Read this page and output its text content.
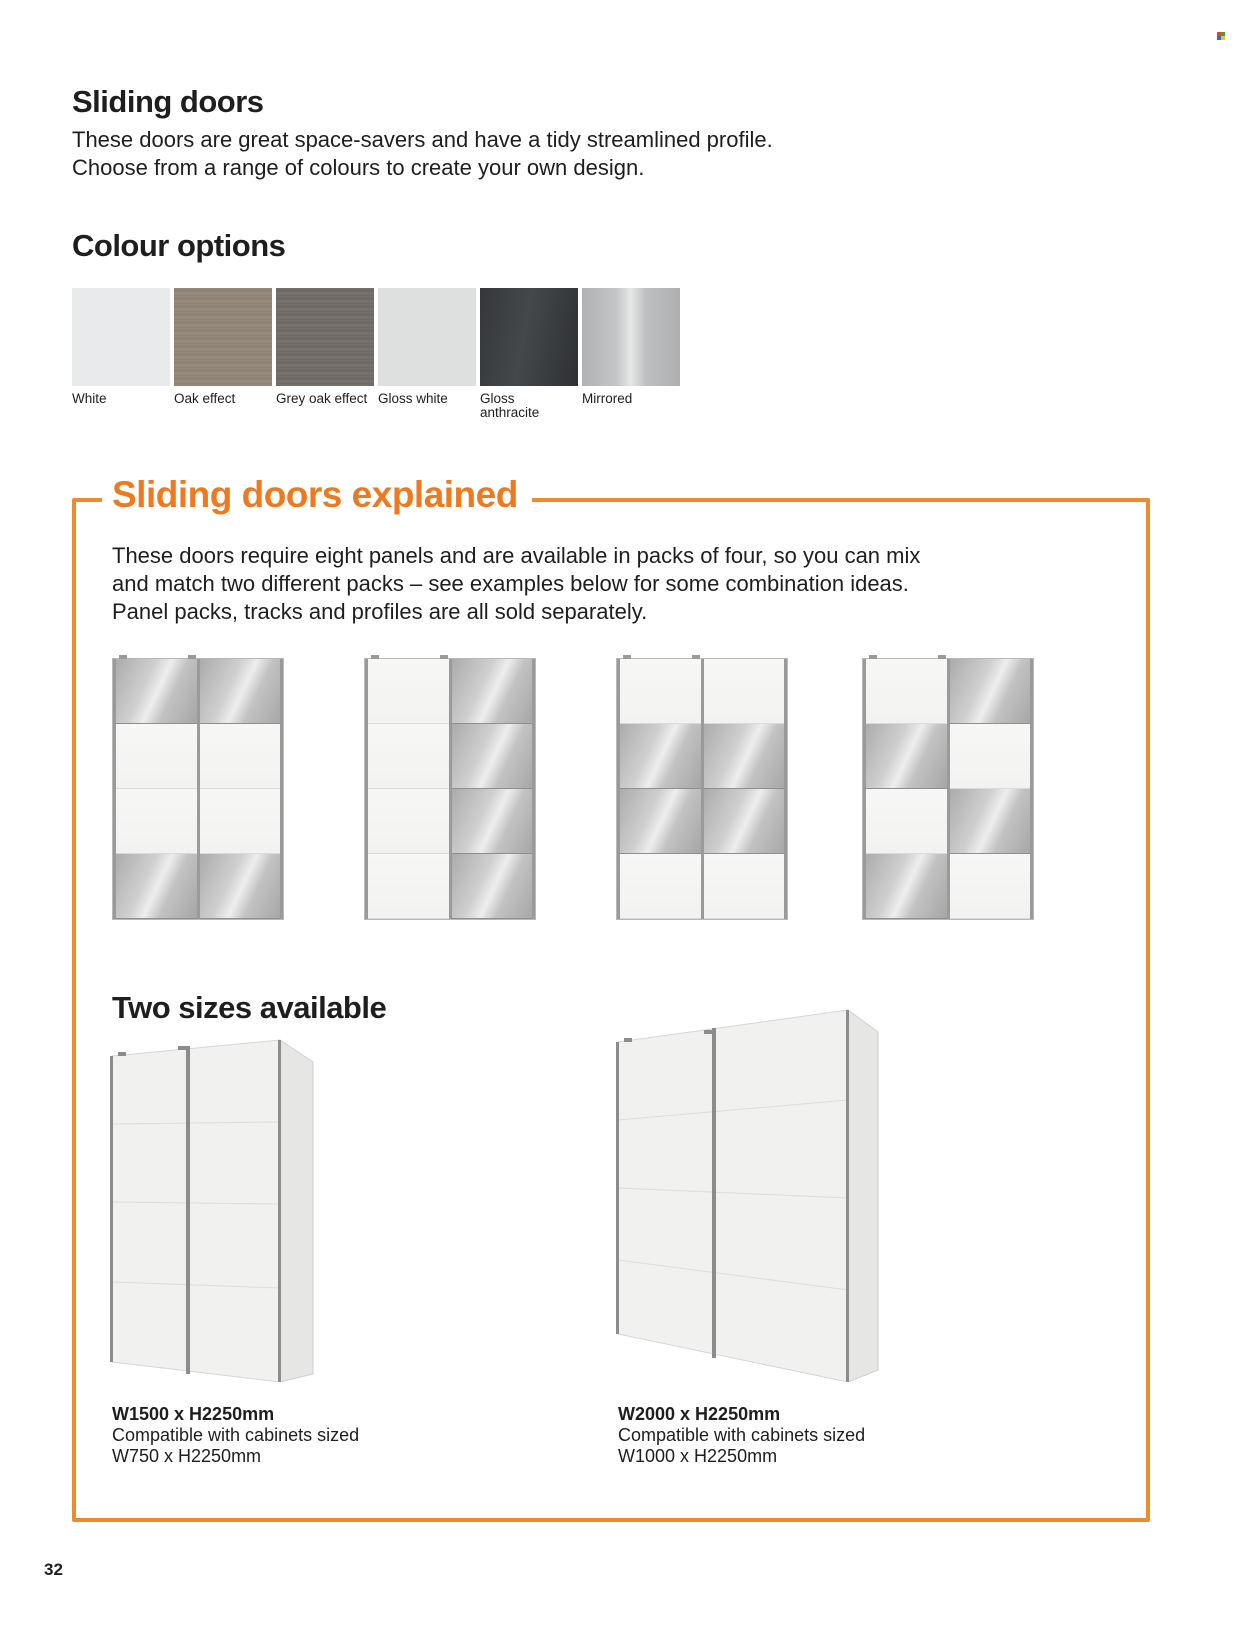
Sliding doors
These doors are great space-savers and have a tidy streamlined profile.
Choose from a range of colours to create your own design.
Colour options
White	Oak effect	Grey oak effect Gloss white	Gloss anthracite
Mirrored
Sliding doors explained
These doors require eight panels and are available in packs of four, so you can mix
and match two different packs – see examples below for some combination ideas.
Panel packs, tracks and profiles are all sold separately.
Two sizes available
W1500 x H2250mm
Compatible with cabinets sized
W750 x H2250mm
W2000 x H2250mm
Compatible with cabinets sized
W1000 x H2250mm
32
